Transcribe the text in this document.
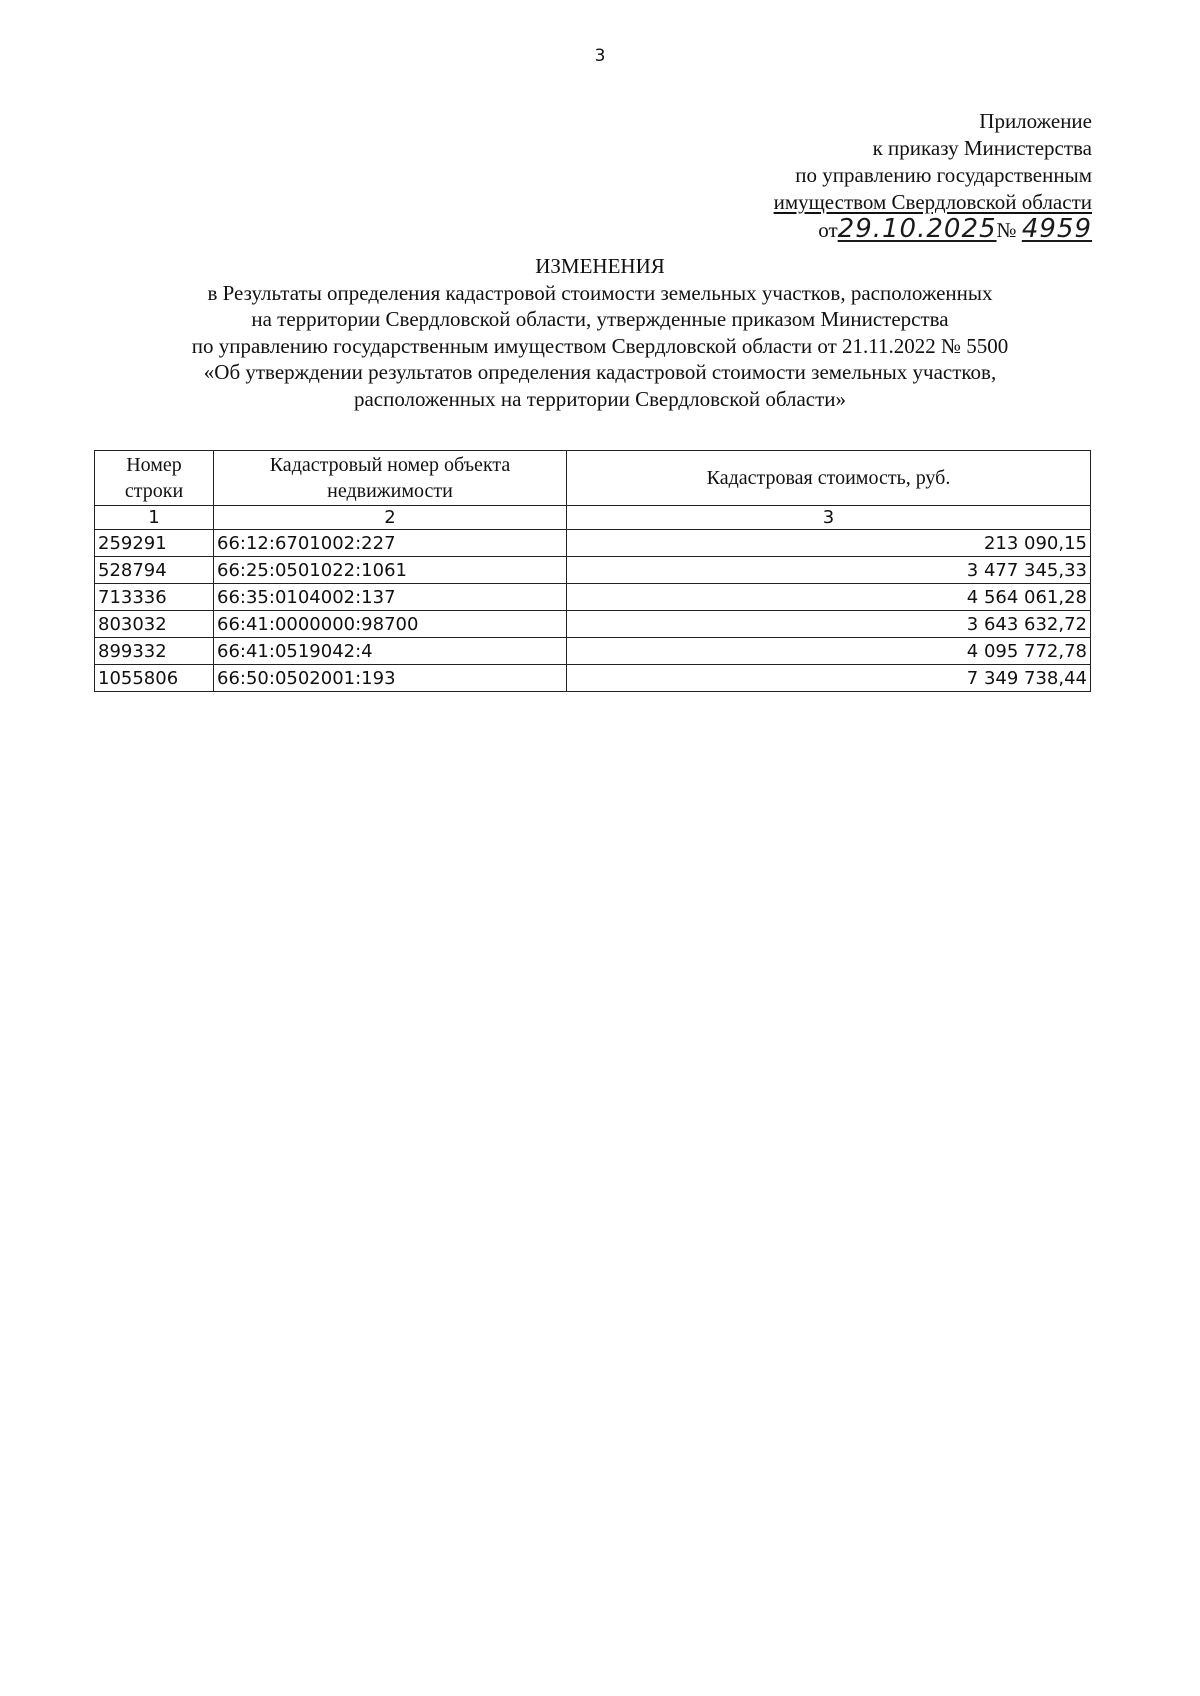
3
Приложение
к приказу Министерства
по управлению государственным
имуществом Свердловской области
от29.10.2025№ 4959
ИЗМЕНЕНИЯ
в Результаты определения кадастровой стоимости земельных участков, расположенных
на территории Свердловской области, утвержденные приказом Министерства
по управлению государственным имуществом Свердловской области от 21.11.2022 № 5500
«Об утверждении результатов определения кадастровой стоимости земельных участков,
расположенных на территории Свердловской области»
Номер строки	Кадастровый номер объекта недвижимости	Кадастровая стоимость, руб.
1	2	3
259291	66:12:6701002:227	213 090,15
528794	66:25:0501022:1061	3 477 345,33
713336	66:35:0104002:137	4 564 061,28
803032	66:41:0000000:98700	3 643 632,72
899332	66:41:0519042:4	4 095 772,78
1055806	66:50:0502001:193	7 349 738,44
